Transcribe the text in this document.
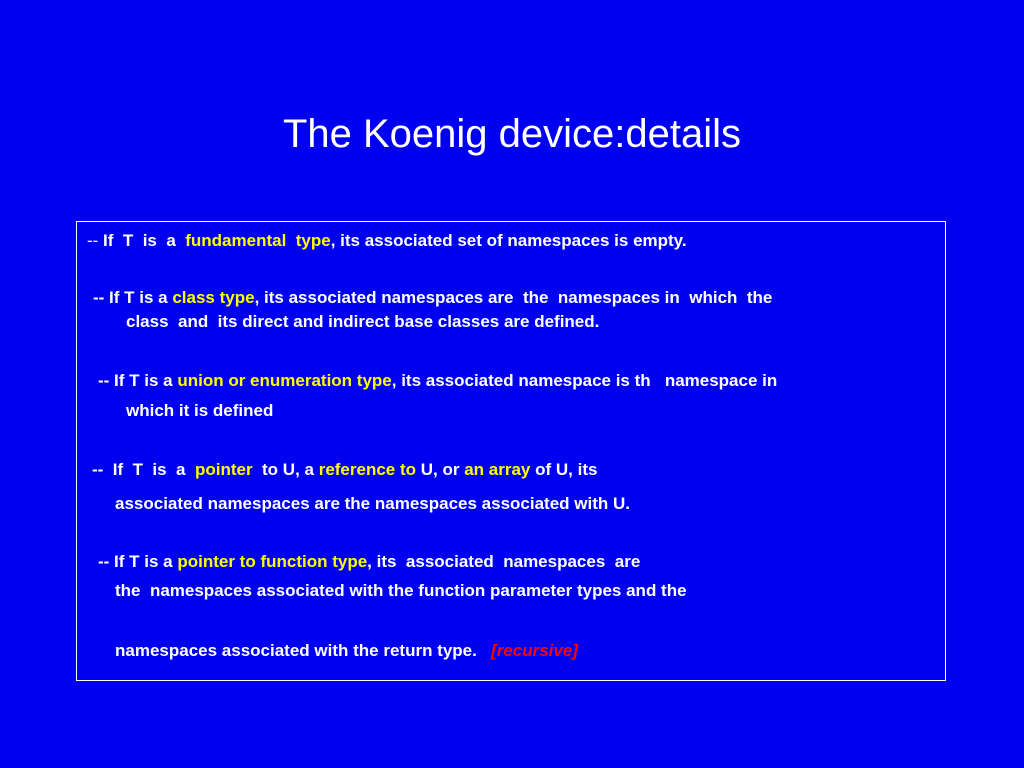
The Koenig device:details
-- If  T  is  a  fundamental  type, its associated set of namespaces is empty.
-- If T is a class type, its associated namespaces are  the  namespaces in  which  the
class  and  its direct and indirect base classes are defined.
-- If T is a union or enumeration type, its associated namespace is th   namespace in
which it is defined
--  If  T  is  a  pointer  to U, a reference to U, or an array of U, its
associated namespaces are the namespaces associated with U.
-- If T is a pointer to function type, its  associated  namespaces  are
the  namespaces associated with the function parameter types and the
namespaces associated with the return type.   [recursive]
